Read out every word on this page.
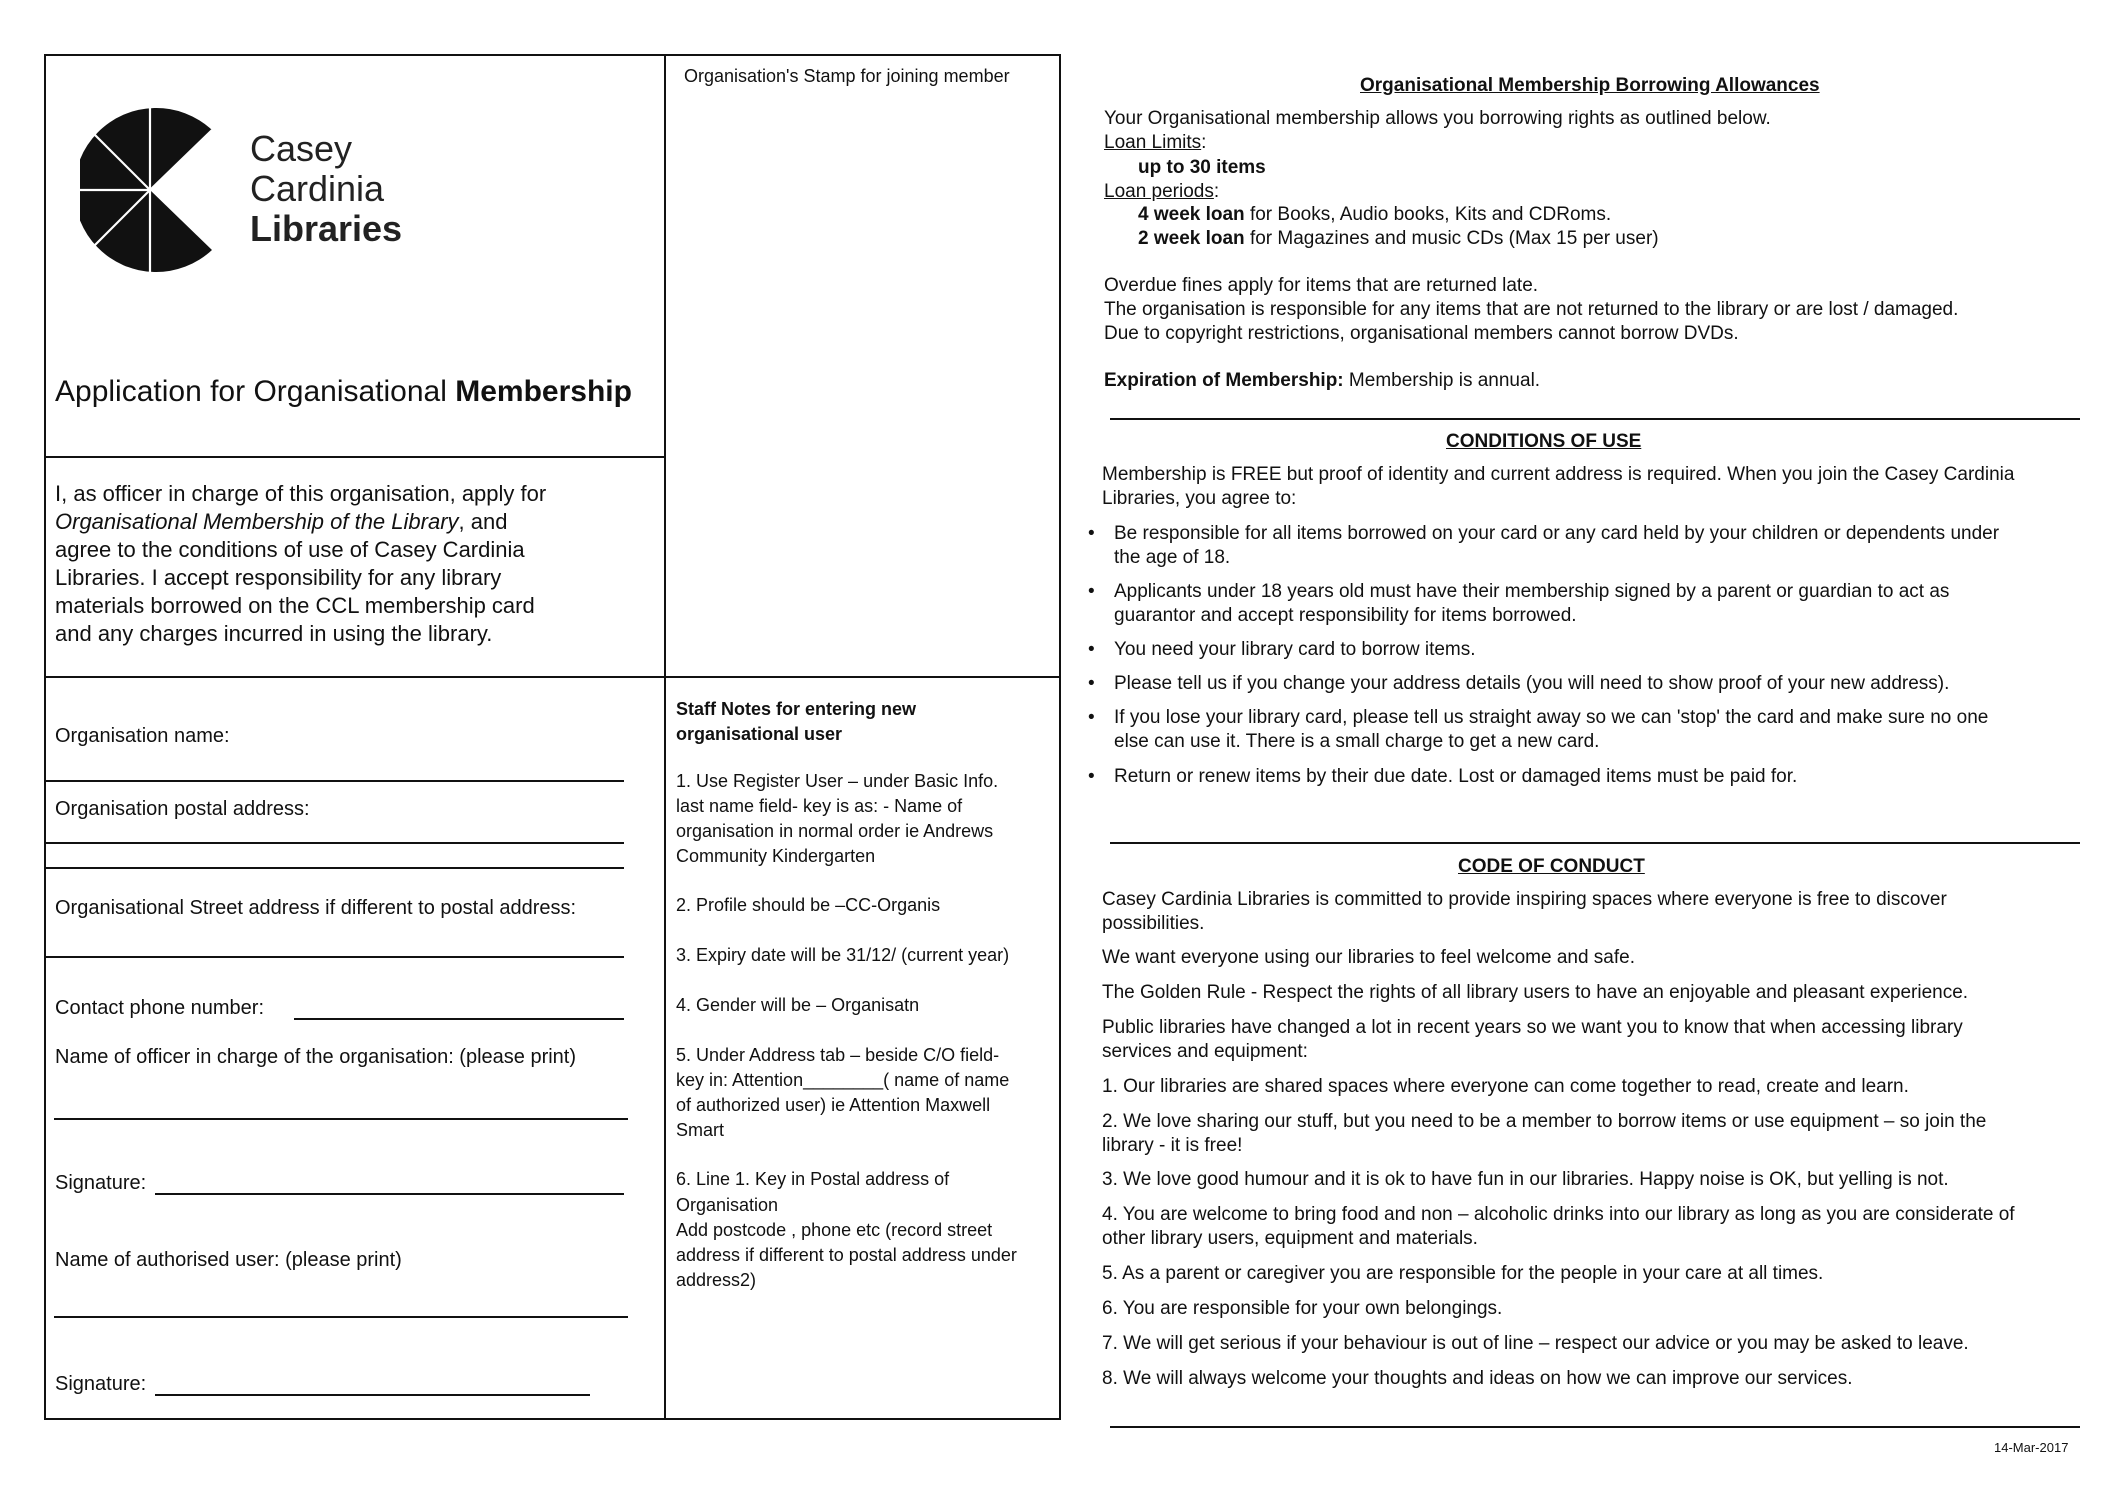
Casey
Cardinia
Libraries
Organisation's Stamp for joining member
Application for Organisational Membership
I, as officer in charge of this organisation, apply for
Organisational Membership of the Library, and
agree to the conditions of use of Casey Cardinia
Libraries. I accept responsibility for any library
materials borrowed on the CCL membership card
and any charges incurred in using the library.
Organisation name:
Organisation postal address:
Organisational Street address if different to postal address:
Contact phone number:
Name of officer in charge of the organisation: (please print)
Signature:
Name of authorised user: (please print)
Signature:
Staff Notes for entering new
organisational user
1. Use Register User – under Basic Info.
last name field- key is as: - Name of
organisation in normal order ie Andrews
Community Kindergarten
2. Profile should be –CC-Organis
3. Expiry date will be 31/12/ (current year)
4. Gender will be – Organisatn
5. Under Address tab – beside C/O field-
key in: Attention________( name of name
of authorized user) ie Attention Maxwell
Smart
6. Line 1. Key in Postal address of
Organisation
Add postcode , phone etc (record street
address if different to postal address under
address2)
Organisational Membership Borrowing Allowances
Your Organisational membership allows you borrowing rights as outlined below.
Loan Limits:
up to 30 items
Loan periods:
4 week loan for Books, Audio books, Kits and CDRoms.
2 week loan for Magazines and music CDs (Max 15 per user)
Overdue fines apply for items that are returned late.
The organisation is responsible for any items that are not returned to the library or are lost / damaged.
Due to copyright restrictions, organisational members cannot borrow DVDs.
Expiration of Membership: Membership is annual.
CONDITIONS OF USE
Membership is FREE but proof of identity and current address is required. When you join the Casey Cardinia
Libraries, you agree to:
• Be responsible for all items borrowed on your card or any card held by your children or dependents under
the age of 18.
• Applicants under 18 years old must have their membership signed by a parent or guardian to act as
guarantor and accept responsibility for items borrowed.
• You need your library card to borrow items.
• Please tell us if you change your address details (you will need to show proof of your new address).
• If you lose your library card, please tell us straight away so we can 'stop' the card and make sure no one
else can use it. There is a small charge to get a new card.
• Return or renew items by their due date. Lost or damaged items must be paid for.
CODE OF CONDUCT
Casey Cardinia Libraries is committed to provide inspiring spaces where everyone is free to discover
possibilities.
We want everyone using our libraries to feel welcome and safe.
The Golden Rule - Respect the rights of all library users to have an enjoyable and pleasant experience.
Public libraries have changed a lot in recent years so we want you to know that when accessing library
services and equipment:
1. Our libraries are shared spaces where everyone can come together to read, create and learn.
2. We love sharing our stuff, but you need to be a member to borrow items or use equipment – so join the
library - it is free!
3. We love good humour and it is ok to have fun in our libraries. Happy noise is OK, but yelling is not.
4. You are welcome to bring food and non – alcoholic drinks into our library as long as you are considerate of
other library users, equipment and materials.
5. As a parent or caregiver you are responsible for the people in your care at all times.
6. You are responsible for your own belongings.
7. We will get serious if your behaviour is out of line – respect our advice or you may be asked to leave.
8. We will always welcome your thoughts and ideas on how we can improve our services.
14-Mar-2017
